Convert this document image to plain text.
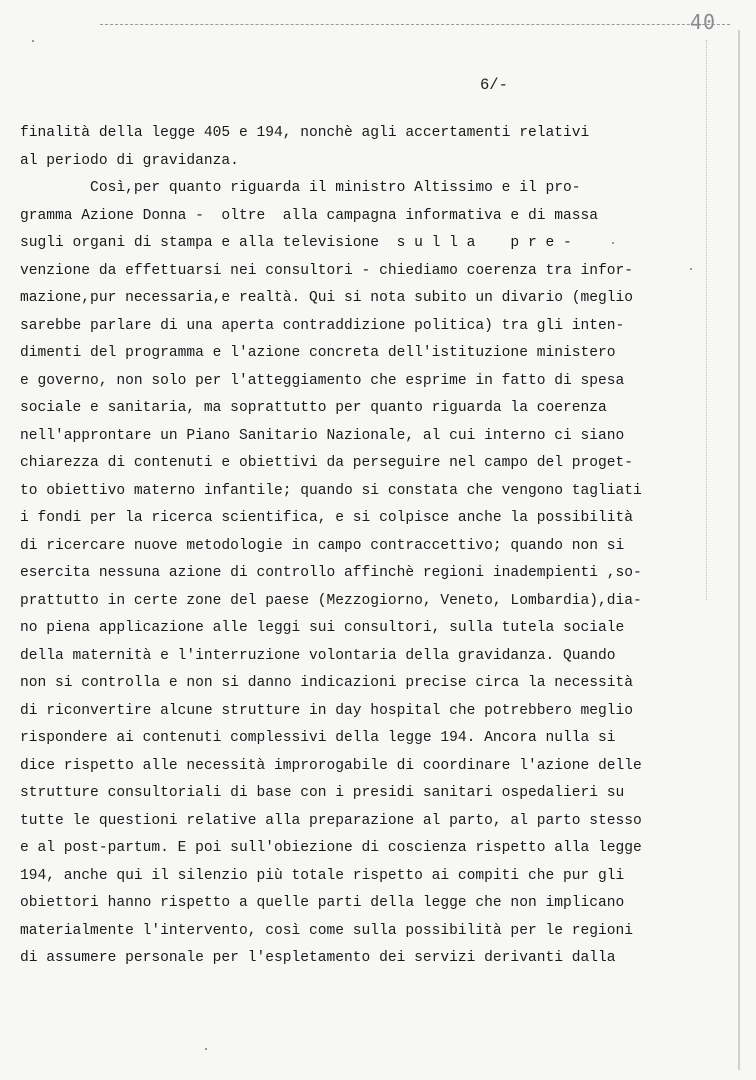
40
6/-
finalità della legge 405 e 194, nonchè agli accertamenti relativi
al periodo di gravidanza.
Così,per quanto riguarda il ministro Altissimo e il pro-
gramma Azione Donna -  oltre  alla campagna informativa e di massa
sugli organi di stampa e alla televisione  s u l l a    p r e -
venzione da effettuarsi nei consultori - chiediamo coerenza tra infor-
mazione,pur necessaria,e realtà. Qui si nota subito un divario (meglio
sarebbe parlare di una aperta contraddizione politica) tra gli inten-
dimenti del programma e l'azione concreta dell'istituzione ministero
e governo, non solo per l'atteggiamento che esprime in fatto di spesa
sociale e sanitaria, ma soprattutto per quanto riguarda la coerenza
nell'approntare un Piano Sanitario Nazionale, al cui interno ci siano
chiarezza di contenuti e obiettivi da perseguire nel campo del proget-
to obiettivo materno infantile; quando si constata che vengono tagliati
i fondi per la ricerca scientifica, e si colpisce anche la possibilità
di ricercare nuove metodologie in campo contraccettivo; quando non si
esercita nessuna azione di controllo affinchè regioni inadempienti ,so-
prattutto in certe zone del paese (Mezzogiorno, Veneto, Lombardia),dia-
no piena applicazione alle leggi sui consultori, sulla tutela sociale
della maternità e l'interruzione volontaria della gravidanza. Quando
non si controlla e non si danno indicazioni precise circa la necessità
di riconvertire alcune strutture in day hospital che potrebbero meglio
rispondere ai contenuti complessivi della legge 194. Ancora nulla si
dice rispetto alle necessità improrogabile di coordinare l'azione delle
strutture consultoriali di base con i presidi sanitari ospedalieri su
tutte le questioni relative alla preparazione al parto, al parto stesso
e al post-partum. E poi sull'obiezione di coscienza rispetto alla legge
194, anche qui il silenzio più totale rispetto ai compiti che pur gli
obiettori hanno rispetto a quelle parti della legge che non implicano
materialmente l'intervento, così come sulla possibilità per le regioni
di assumere personale per l'espletamento dei servizi derivanti dalla
